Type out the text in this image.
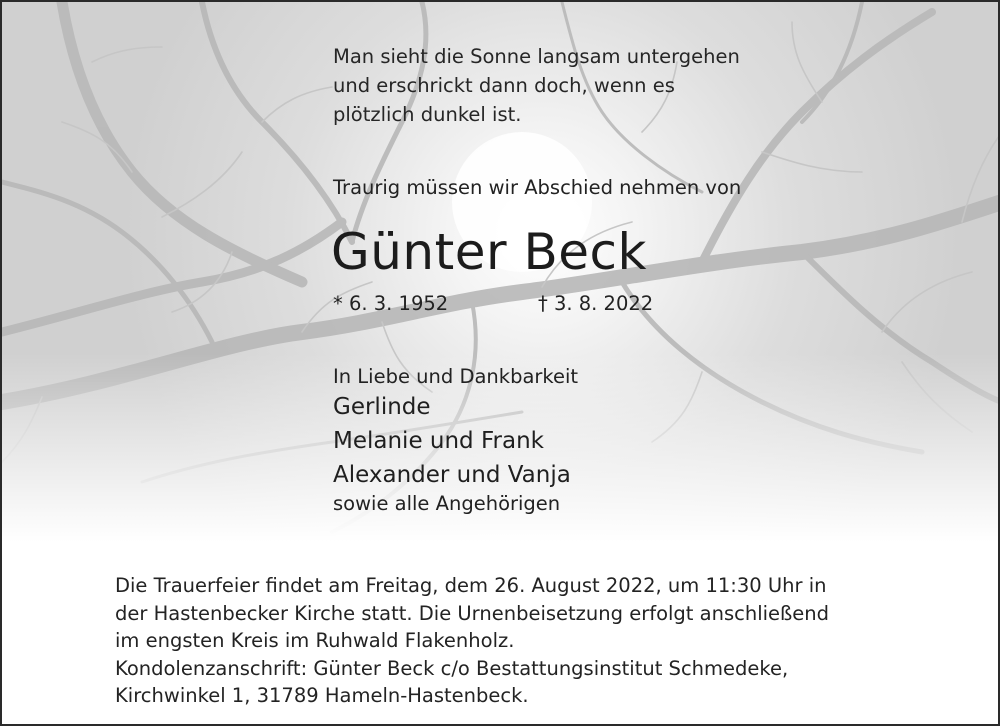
Man sieht die Sonne langsam untergehen
und erschrickt dann doch, wenn es
plötzlich dunkel ist.
Traurig müssen wir Abschied nehmen von
Günter Beck
* 6. 3. 1952	† 3. 8. 2022
In Liebe und Dankbarkeit
Gerlinde
Melanie und Frank
Alexander und Vanja
sowie alle Angehörigen
Die Trauerfeier findet am Freitag, dem 26. August 2022, um 11:30 Uhr in
der Hastenbecker Kirche statt. Die Urnenbeisetzung erfolgt anschließend
im engsten Kreis im Ruhwald Flakenholz.
Kondolenzanschrift: Günter Beck c/o Bestattungsinstitut Schmedeke,
Kirchwinkel 1, 31789 Hameln-Hastenbeck.
